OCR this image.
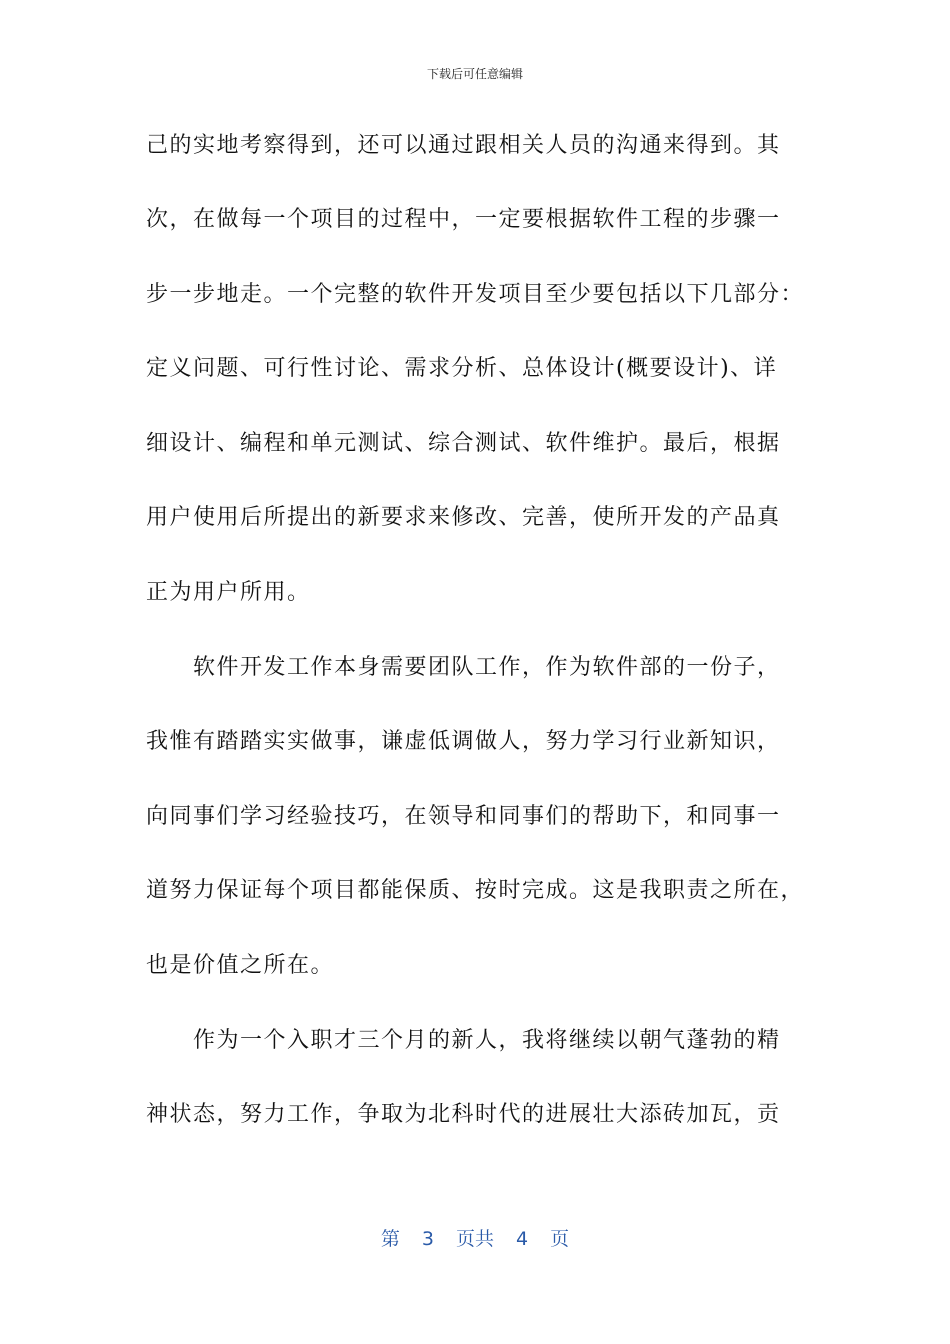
下载后可任意编辑
己的实地考察得到，还可以通过跟相关人员的沟通来得到。其
次，在做每一个项目的过程中，一定要根据软件工程的步骤一
步一步地走。一个完整的软件开发项目至少要包括以下几部分：
定义问题、可行性讨论、需求分析、总体设计(概要设计)、详
细设计、编程和单元测试、综合测试、软件维护。最后，根据
用户使用后所提出的新要求来修改、完善，使所开发的产品真
正为用户所用。
　　软件开发工作本身需要团队工作，作为软件部的一份子，
我惟有踏踏实实做事，谦虚低调做人，努力学习行业新知识，
向同事们学习经验技巧，在领导和同事们的帮助下，和同事一
道努力保证每个项目都能保质、按时完成。这是我职责之所在，
也是价值之所在。
　　作为一个入职才三个月的新人，我将继续以朝气蓬勃的精
神状态，努力工作，争取为北科时代的进展壮大添砖加瓦，贡
第 3 页共 4 页
